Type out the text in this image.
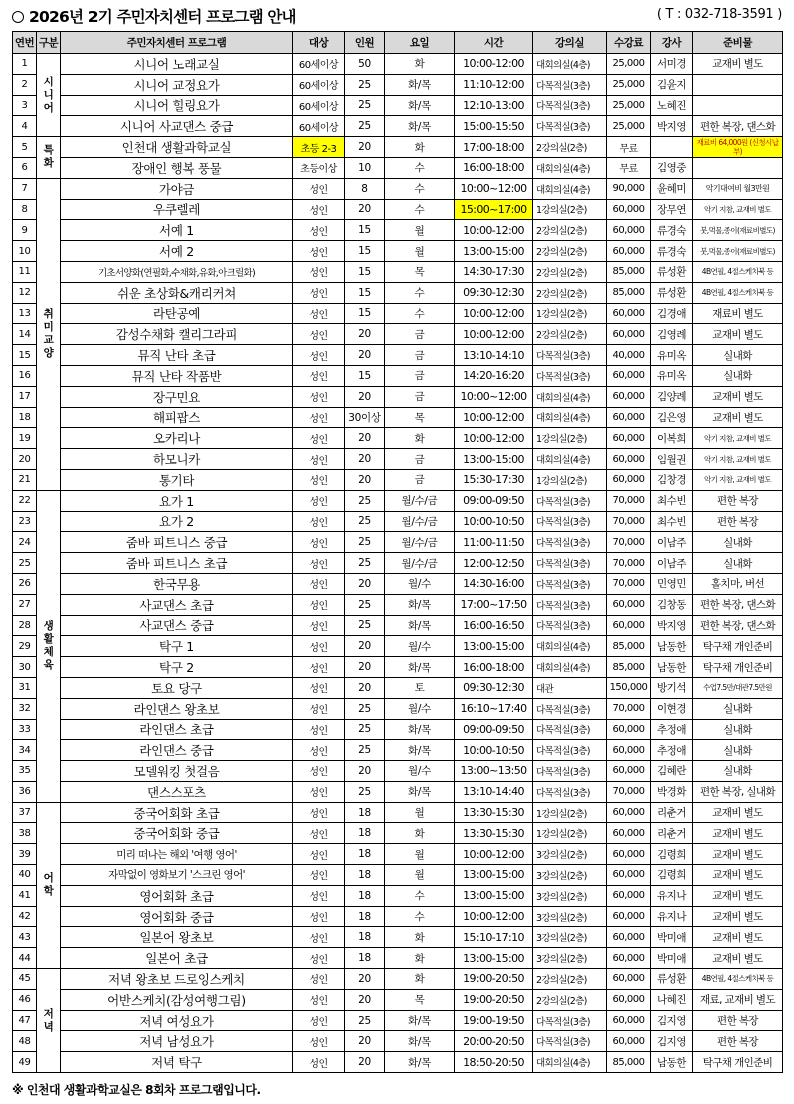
2026년 2기 주민자치센터 프로그램 안내	( T : 032-718-3591 )
연번	구분	주민자치센터 프로그램	대상	인원	요일	시간	강의실	수강료	강사	준비물
1	시니어	시니어 노래교실	60세이상	50	화	10:00-12:00	대회의실(4층)	25,000	서미경	교재비 별도
2		시니어 교정요가	60세이상	25	화/목	11:10-12:00	다목적실(3층)	25,000	김윤지	
3		시니어 힐링요가	60세이상	25	화/목	12:10-13:00	다목적실(3층)	25,000	노혜진	
4		시니어 사교댄스 중급	60세이상	25	화/목	15:00-15:50	다목적실(3층)	25,000	박지영	편한 복장, 댄스화
5	특화	인천대 생활과학교실	초등 2-3	20	화	17:00-18:00	2강의실(2층)	무료		재료비 64,000원 (신청시납부)
6		장애인 행복 풍물	초등이상	10	수	16:00-18:00	대회의실(4층)	무료	김영중	
7	취미교양	가야금	성인	8	수	10:00~12:00	대회의실(4층)	90,000	윤혜미	악기대여비 월3만원
8		우쿠렐레	성인	20	수	15:00~17:00	1강의실(2층)	60,000	장무연	악기 지참, 교재비 별도
9		서예 1	성인	15	월	10:00-12:00	2강의실(2층)	60,000	류경숙	붓,먹물,종이(재료비별도)
10		서예 2	성인	15	월	13:00-15:00	2강의실(2층)	60,000	류경숙	붓,먹물,종이(재료비별도)
11		기초서양화(연필화,수채화,유화,아크릴화)	성인	15	목	14:30-17:30	2강의실(2층)	85,000	류성환	4B연필, 4절스케치북 등
12		쉬운 초상화&캐리커쳐	성인	15	수	09:30-12:30	2강의실(2층)	85,000	류성환	4B연필, 4절스케치북 등
13		라탄공예	성인	15	수	10:00-12:00	1강의실(2층)	60,000	김경애	재료비 별도
14		감성수채화 캘리그라피	성인	20	금	10:00-12:00	2강의실(2층)	60,000	김영례	교재비 별도
15		뮤직 난타 초급	성인	20	금	13:10-14:10	다목적실(3층)	40,000	유미옥	실내화
16		뮤직 난타 작품반	성인	15	금	14:20-16:20	다목적실(3층)	60,000	유미옥	실내화
17		장구민요	성인	20	금	10:00~12:00	대회의실(4층)	60,000	김양례	교재비 별도
18		해피팝스	성인	30이상	목	10:00-12:00	대회의실(4층)	60,000	김은영	교재비 별도
19		오카리나	성인	20	화	10:00-12:00	1강의실(2층)	60,000	이복희	악기 지참, 교재비 별도
20		하모니카	성인	20	금	13:00-15:00	대회의실(4층)	60,000	임월권	악기 지참, 교재비 별도
21		통기타	성인	20	금	15:30-17:30	1강의실(2층)	60,000	김창경	악기 지참, 교재비 별도
22	생활체육	요가 1	성인	25	월/수/금	09:00-09:50	다목적실(3층)	70,000	최수빈	편한 복장
23		요가 2	성인	25	월/수/금	10:00-10:50	다목적실(3층)	70,000	최수빈	편한 복장
24		줌바 피트니스 중급	성인	25	월/수/금	11:00-11:50	다목적실(3층)	70,000	이남주	실내화
25		줌바 피트니스 초급	성인	25	월/수/금	12:00-12:50	다목적실(3층)	70,000	이남주	실내화
26		한국무용	성인	20	월/수	14:30-16:00	다목적실(3층)	70,000	민영민	홀치마, 버선
27		사교댄스 초급	성인	25	화/목	17:00~17:50	다목적실(3층)	60,000	김창동	편한 복장, 댄스화
28		사교댄스 중급	성인	25	화/목	16:00-16:50	다목적실(3층)	60,000	박지영	편한 복장, 댄스화
29		탁구 1	성인	20	월/수	13:00-15:00	대회의실(4층)	85,000	남동한	탁구채 개인준비
30		탁구 2	성인	20	화/목	16:00-18:00	대회의실(4층)	85,000	남동한	탁구채 개인준비
31		토요 당구	성인	20	토	09:30-12:30	대관	150,000	방기석	수업7.5만/대관7.5만원
32		라인댄스 왕초보	성인	25	월/수	16:10~17:40	다목적실(3층)	70,000	이현경	실내화
33		라인댄스 초급	성인	25	화/목	09:00-09:50	다목적실(3층)	60,000	추정애	실내화
34		라인댄스 중급	성인	25	화/목	10:00-10:50	다목적실(3층)	60,000	추정애	실내화
35		모델워킹 첫걸음	성인	20	월/수	13:00~13:50	다목적실(3층)	60,000	김혜란	실내화
36		댄스스포츠	성인	25	화/목	13:10-14:40	다목적실(3층)	70,000	박경화	편한 복장, 실내화
37	어학	중국어회화 초급	성인	18	월	13:30-15:30	1강의실(2층)	60,000	리춘거	교재비 별도
38		중국어회화 중급	성인	18	화	13:30-15:30	1강의실(2층)	60,000	리춘거	교재비 별도
39		미리 떠나는 해외 '여행 영어'	성인	18	월	10:00-12:00	3강의실(2층)	60,000	김령희	교재비 별도
40		자막없이 영화보기 '스크린 영어'	성인	18	월	13:00-15:00	3강의실(2층)	60,000	김령희	교재비 별도
41		영어회화 초급	성인	18	수	13:00-15:00	3강의실(2층)	60,000	유지나	교재비 별도
42		영어회화 중급	성인	18	수	10:00-12:00	3강의실(2층)	60,000	유지나	교재비 별도
43		일본어 왕초보	성인	18	화	15:10-17:10	3강의실(2층)	60,000	박미애	교재비 별도
44		일본어 초급	성인	18	화	13:00-15:00	3강의실(2층)	60,000	박미애	교재비 별도
45	저녁	저녁 왕초보 드로잉스케치	성인	20	화	19:00-20:50	2강의실(2층)	60,000	류성환	4B연필, 4절스케치북 등
46		어반스케치(감성여행그림)	성인	20	목	19:00-20:50	2강의실(2층)	60,000	나혜진	재료, 교재비 별도
47		저녁 여성요가	성인	25	화/목	19:00-19:50	다목적실(3층)	60,000	김지영	편한 복장
48		저녁 남성요가	성인	20	화/목	20:00-20:50	다목적실(3층)	60,000	김지영	편한 복장
49		저녁 탁구	성인	20	화/목	18:50-20:50	대회의실(4층)	85,000	남동한	탁구채 개인준비
※ 인천대 생활과학교실은 8회차 프로그램입니다.
